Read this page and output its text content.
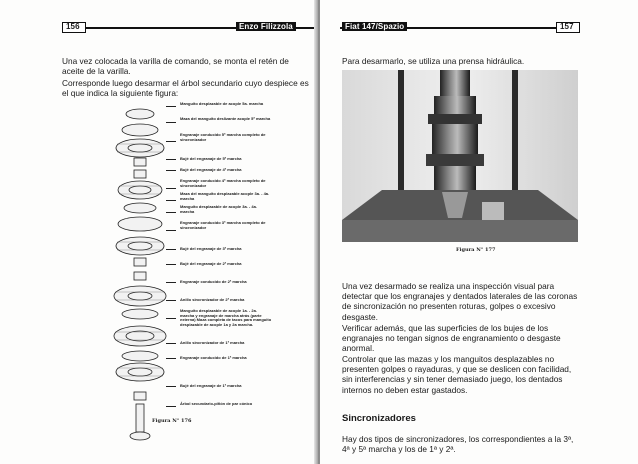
156	Enzo Filizzola

Una vez colocada la varilla de comando, se monta el retén de aceite de la varilla.

Corresponde luego desarmar el árbol secundario cuyo despiece es el que indica la siguiente figura:

Manguito desplazable de acople 5a. marcha
Maza del manguito deslizante acople 5ª marcha
Engranaje conducido 5ª marcha completo de sincronizador
Bujé del engranaje de 5ª marcha
Bujé del engranaje de 4ª marcha
Engranaje conducido 4ª marcha completo de sincronizador
Maza del manguito desplazable acople 3a. - 4a. marcha
Manguito desplazable de acople 3a. - 4a. marcha
Engranaje conducido 3ª marcha completo de sincronizador
Bujé del engranaje de 3ª marcha
Bujé del engranaje de 2ª marcha
Engranaje conducido de 2ª marcha
Anillo sincronizador de 2ª marcha
Manguito desplazable de acople 1a. - 2a. marcha y engranaje de marcha atrás (parte externa) Maza completa de tacos para manguito desplazable de acople 1a y 2a marcha.
Anillo sincronizador de 1ª marcha
Engranaje conducido de 1ª marcha
Bujé del engranaje de 1ª marcha
Árbol secundario-piñón de par cónico
Figura N° 176
Fiat 147/Spazio	157

Para desarmarlo, se utiliza una prensa hidráulica.

Figura N° 177

Una vez desarmado se realiza una inspección visual para detectar que los engranajes y dentados laterales de las coronas de sincronización no presenten roturas, golpes o excesivo desgaste.

Verificar además, que las superficies de los bujes de los engranajes no tengan signos de engranamiento o desgaste anormal.

Controlar que las mazas y los manguitos desplazables no presenten golpes o rayaduras, y que se deslicen con facilidad, sin interferencias y sin tener demasiado juego, los dentados internos no deben estar gastados.

Sincronizadores

Hay dos tipos de sincronizadores, los correspondientes a la 3ª, 4ª y 5ª marcha y los de 1ª y 2ª.
